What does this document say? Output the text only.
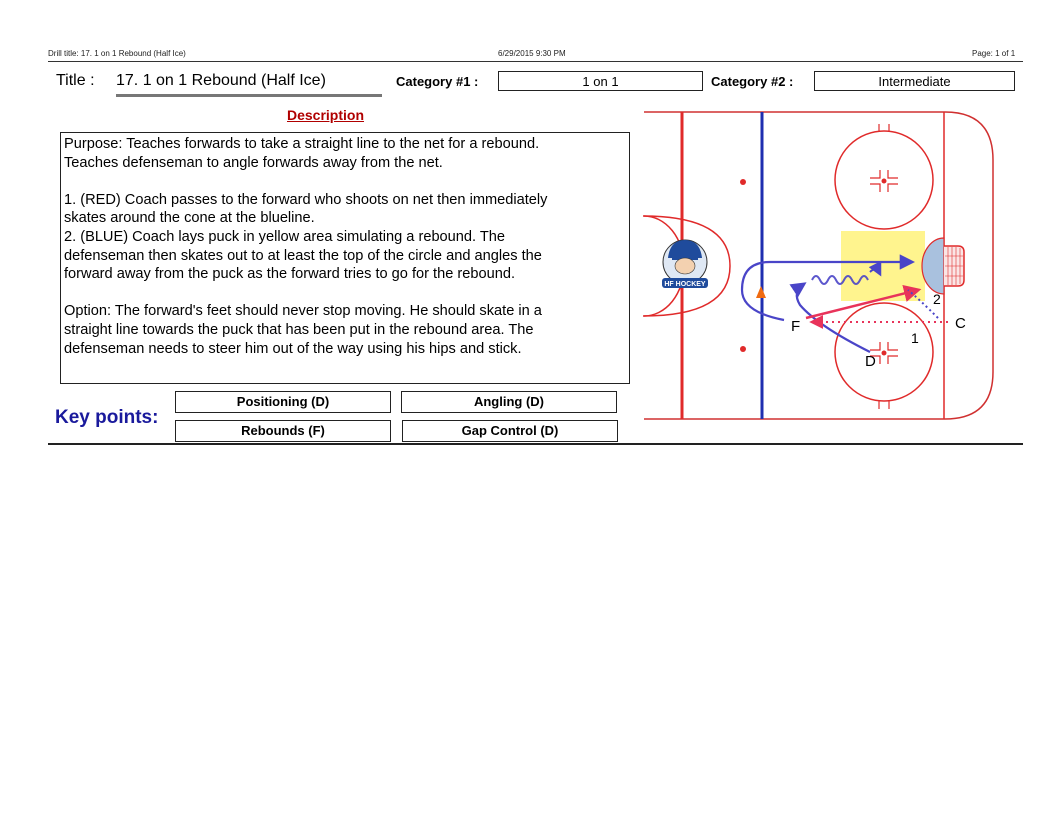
Drill title: 17. 1 on 1 Rebound (Half Ice)	6/29/2015 9:30 PM	Page: 1 of 1
Title : 17. 1 on 1 Rebound (Half Ice)	Category #1 :	1 on 1	Category #2 :	Intermediate
Description

Purpose: Teaches forwards to take a straight line to the net for a rebound.

Teaches defenseman to angle forwards away from the net.

1. (RED) Coach passes to the forward who shoots on net then immediately

skates around the cone at the blueline.

2. (BLUE) Coach lays puck in yellow area simulating a rebound. The

defenseman then skates out to at least the top of the circle and angles the

forward away from the puck as the forward tries to go for the rebound.

Option: The forward's feet should never stop moving. He should skate in a

straight line towards the puck that has been put in the rebound area. The

defenseman needs to steer him out of the way using his hips and stick.

Key points:
Positioning (D)	Angling (D)
Rebounds (F)	Gap Control (D)
HF HOCKEY
F
D
C
1
2
